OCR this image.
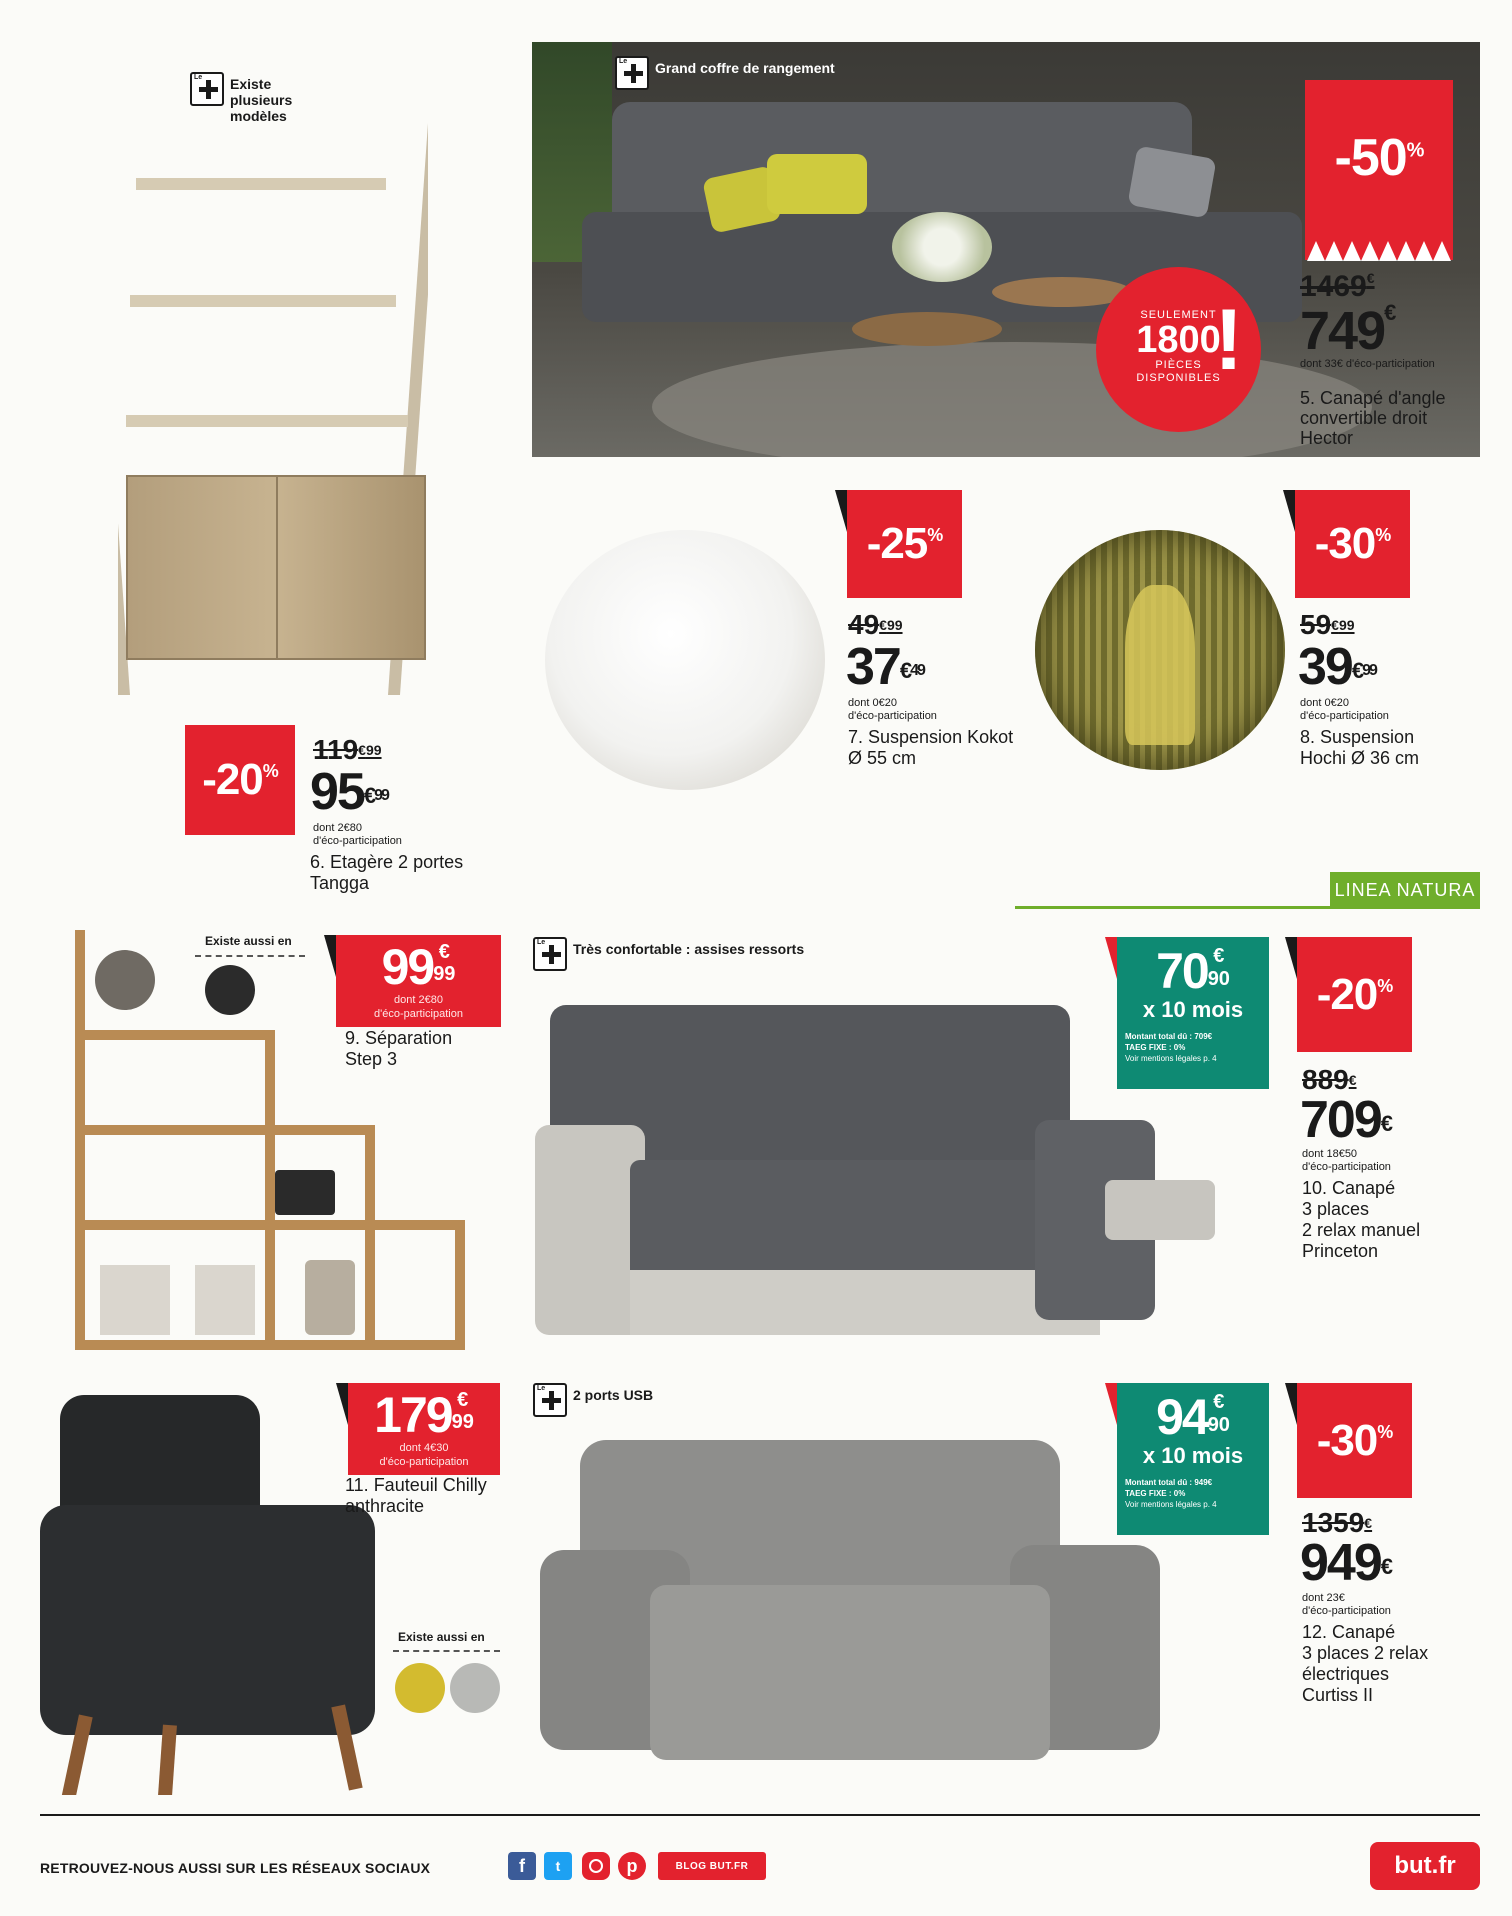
Le Grand coffre de rangement
-50%
1469€
749€
dont 33€ d'éco-participation
5. Canapé d'angle
convertible droit
Hector
SEULEMENT
1800
PIÈCES
DISPONIBLES
!
Le Existe
plusieurs
modèles
-20%
$119^{€99}$
$95^{€99}$
dont 2€80
d'éco-participation
6. Etagère 2 portes
Tangga
-25%
$49^{€99}$
$37^{€49}$
dont 0€20
d'éco-participation
7. Suspension Kokot
Ø 55 cm
-30%
$59^{€99}$
$39^{€99}$
dont 0€20
d'éco-participation
8. Suspension
Hochi Ø 36 cm
LINEA NATURA
Existe aussi en	99 €
99
dont 2€80
d'éco-participation
9. Séparation
Step 3
Le Très confortable : assises ressorts	70 €
90
x 10 mois
Montant total dû : 709€
TAEG FIXE : 0%
Voir mentions légales p. 4
-20%
889€
709€
dont 18€50
d'éco-participation
10. Canapé
3 places
2 relax manuel
Princeton
179 €
99
dont 4€30
d'éco-participation
11. Fauteuil Chilly
anthracite
Existe aussi en
Le 2 ports USB	94 €
90
x 10 mois
Montant total dû : 949€
TAEG FIXE : 0%
Voir mentions légales p. 4
-30%
1359€
949€
dont 23€
d'éco-participation
12. Canapé
3 places 2 relax
électriques
Curtiss II
RETROUVEZ-NOUS AUSSI SUR LES RÉSEAUX SOCIAUX	f	t	p	BLOG BUT.FR	but.fr
